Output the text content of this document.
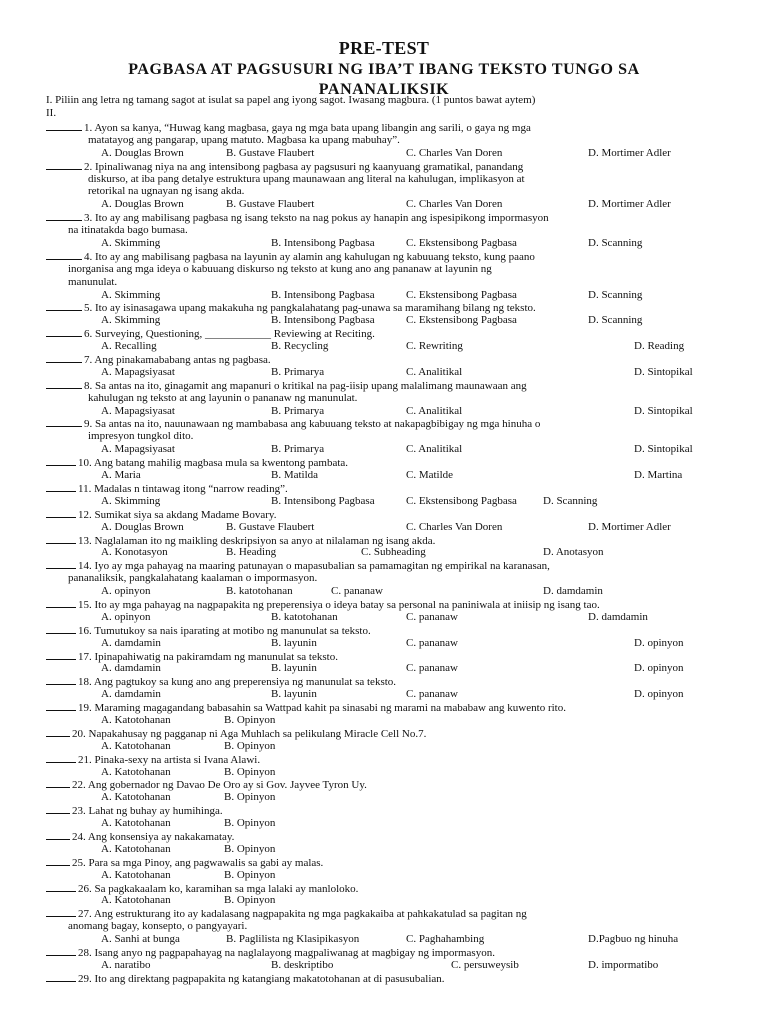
PRE-TEST
PAGBASA AT PAGSUSURI NG IBA’T IBANG TEKSTO TUNGO SA
PANANALIKSIK
I. Piliin ang letra ng tamang sagot at isulat sa papel ang iyong sagot. Iwasang magbura. (1 puntos bawat aytem)
II.
1. Ayon sa kanya, “Huwag kang magbasa, gaya ng mga bata upang libangin ang sarili, o gaya ng mga
matatayog ang pangarap, upang matuto. Magbasa ka upang mabuhay”.
A. Douglas Brown	B. Gustave Flaubert	C. Charles Van Doren	D. Mortimer Adler
2. Ipinaliwanag niya na ang intensibong pagbasa ay pagsusuri ng kaanyuang gramatikal, panandang
diskurso, at iba pang detalye estruktura upang maunawaan ang literal na kahulugan, implikasyon at
retorikal na ugnayan ng isang akda.
A. Douglas Brown	B. Gustave Flaubert	C. Charles Van Doren	D. Mortimer Adler
3. Ito ay ang mabilisang pagbasa ng isang teksto na nag pokus ay hanapin ang ispesipikong impormasyon
na itinatakda bago bumasa.
A. Skimming	B. Intensibong Pagbasa	C. Ekstensibong Pagbasa	D. Scanning
4. Ito ay ang mabilisang pagbasa na layunin ay alamin ang kahulugan ng kabuuang teksto, kung paano
inorganisa ang mga ideya o kabuuang diskurso ng teksto at kung ano ang pananaw at layunin ng
manunulat.
A. Skimming	B. Intensibong Pagbasa	C. Ekstensibong Pagbasa	D. Scanning
5. Ito ay isinasagawa upang makakuha ng pangkalahatang pag-unawa sa maramihang bilang ng teksto.
A. Skimming	B. Intensibong Pagbasa	C. Ekstensibong Pagbasa	D. Scanning
6. Surveying, Questioning, ____________ Reviewing at Reciting.
A. Recalling	B. Recycling	C. Rewriting	D. Reading
7. Ang pinakamababang antas ng pagbasa.
A. Mapagsiyasat	B. Primarya	C. Analitikal	D. Sintopikal
8. Sa antas na ito, ginagamit ang mapanuri o kritikal na pag-iisip upang malalimang maunawaan ang
kahulugan ng teksto at ang layunin o pananaw ng manunulat.
A. Mapagsiyasat	B. Primarya	C. Analitikal	D. Sintopikal
9. Sa antas na ito, nauunawaan ng mambabasa ang kabuuang teksto at nakapagbibigay ng mga hinuha o
impresyon tungkol dito.
A. Mapagsiyasat	B. Primarya	C. Analitikal	D. Sintopikal
10. Ang batang mahilig magbasa mula sa kwentong pambata.
A. Maria	B. Matilda	C. Matilde	D. Martina
11. Madalas n tintawag itong “narrow reading”.
A. Skimming	B. Intensibong Pagbasa	C. Ekstensibong Pagbasa D. Scanning
12. Sumikat siya sa akdang Madame Bovary.
A. Douglas Brown	B. Gustave Flaubert	C. Charles Van Doren	D. Mortimer Adler
13. Naglalaman ito ng maikling deskripsiyon sa anyo at nilalaman ng isang akda.
A. Konotasyon	B. Heading	C. Subheading	D. Anotasyon
14. Iyo ay mga pahayag na maaring patunayan o mapasubalian sa pamamagitan ng empirikal na karanasan,
pananaliksik, pangkalahatang kaalaman o impormasyon.
A. opinyon	B. katotohanan	C. pananaw	D. damdamin
15. Ito ay mga pahayag na nagpapakita ng preperensiya o ideya batay sa personal na paniniwala at iniisip ng isang tao.
A. opinyon	B. katotohanan	C. pananaw	D. damdamin
16. Tumutukoy sa nais iparating at motibo ng manunulat sa teksto.
A. damdamin	B. layunin	C. pananaw	D. opinyon
17. Ipinapahiwatig na pakiramdam ng manunulat sa teksto.
A. damdamin	B. layunin	C. pananaw	D. opinyon
18. Ang pagtukoy sa kung ano ang preperensiya ng manunulat sa teksto.
A. damdamin	B. layunin	C. pananaw	D. opinyon
19. Maraming magagandang babasahin sa Wattpad kahit pa sinasabi ng marami na mababaw ang kuwento rito.
A. Katotohanan	B. Opinyon
20. Napakahusay ng pagganap ni Aga Muhlach sa pelikulang Miracle Cell No.7.
A. Katotohanan	B. Opinyon
21. Pinaka-sexy na artista si Ivana Alawi.
A. Katotohanan	B. Opinyon
22. Ang gobernador ng Davao De Oro ay si Gov. Jayvee Tyron Uy.
A. Katotohanan	B. Opinyon
23. Lahat ng buhay ay humihinga.
A. Katotohanan	B. Opinyon
24. Ang konsensiya ay nakakamatay.
A. Katotohanan	B. Opinyon
25. Para sa mga Pinoy, ang pagwawalis sa gabi ay malas.
A. Katotohanan	B. Opinyon
26. Sa pagkakaalam ko, karamihan sa mga lalaki ay manloloko.
A. Katotohanan	B. Opinyon
27. Ang estrukturang ito ay kadalasang nagpapakita ng mga pagkakaiba at pahkakatulad sa pagitan ng
anomang bagay, konsepto, o pangyayari.
A. Sanhi at bunga	B. Paglilista ng Klasipikasyon	C. Paghahambing	D.Pagbuo ng hinuha
28. Isang anyo ng pagpapahayag na naglalayong magpaliwanag at magbigay ng impormasyon.
A. naratibo	B. deskriptibo	C. persuweysib	D. impormatibo
29. Ito ang direktang pagpapakita ng katangiang makatotohanan at di pasusubalian.
